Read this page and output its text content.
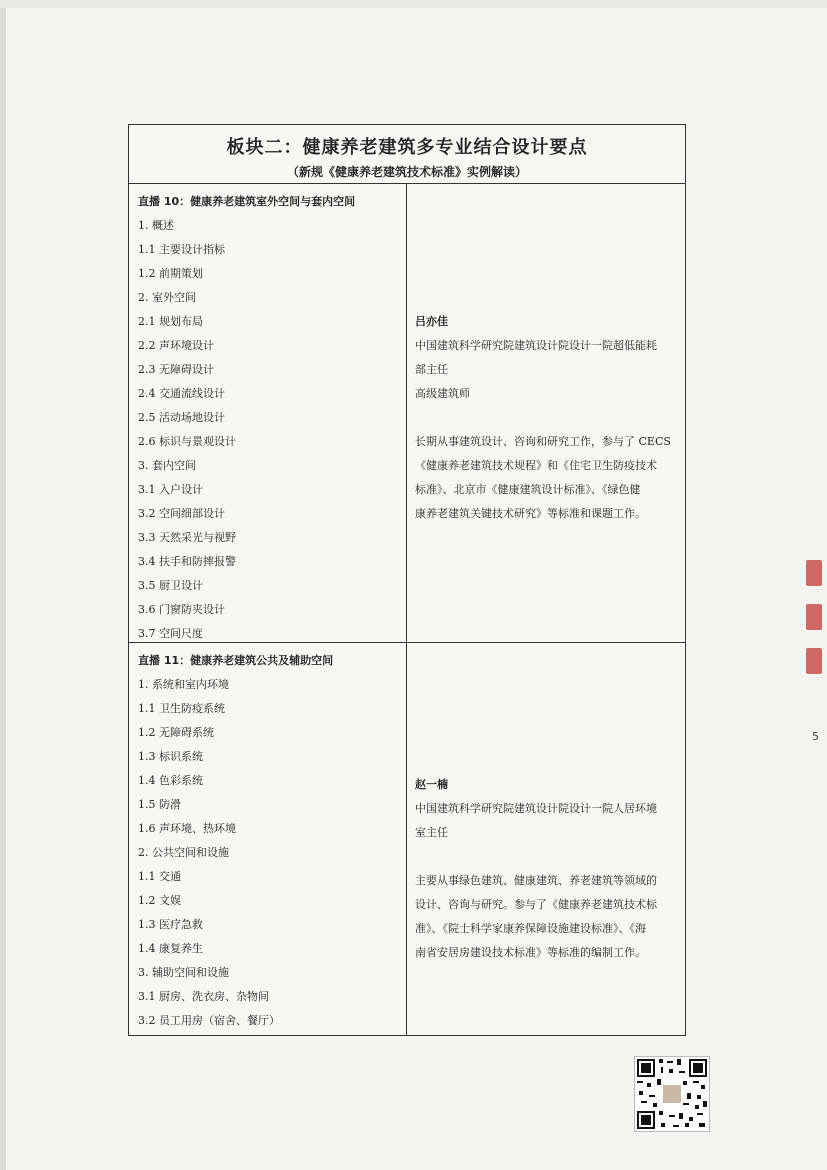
板块二：健康养老建筑多专业结合设计要点
（新规《健康养老建筑技术标准》实例解读）
直播 10：健康养老建筑室外空间与套内空间
1. 概述
1.1 主要设计指标
1.2 前期策划
2. 室外空间
2.1 规划布局
2.2 声环境设计
2.3 无障碍设计
2.4 交通流线设计
2.5 活动场地设计
2.6 标识与景观设计
3. 套内空间
3.1 入户设计
3.2 空间细部设计
3.3 天然采光与视野
3.4 扶手和防摔报警
3.5 厨卫设计
3.6 门窗防夹设计
3.7 空间尺度
吕亦佳

中国建筑科学研究院建筑设计院设计一院超低能耗

部主任

高级建筑师

长期从事建筑设计、咨询和研究工作，参与了 CECS

《健康养老建筑技术规程》和《住宅卫生防疫技术

标准》、北京市《健康建筑设计标准》、《绿色健

康养老建筑关键技术研究》等标准和课题工作。

直播 11：健康养老建筑公共及辅助空间
1. 系统和室内环境
1.1 卫生防疫系统
1.2 无障碍系统
1.3 标识系统
1.4 色彩系统
1.5 防滑
1.6 声环境、热环境
2. 公共空间和设施
1.1 交通
1.2 文娱
1.3 医疗急救
1.4 康复养生
3. 辅助空间和设施
3.1 厨房、洗衣房、杂物间
3.2 员工用房（宿舍、餐厅）
赵一楠

中国建筑科学研究院建筑设计院设计一院人居环境

室主任

主要从事绿色建筑、健康建筑、养老建筑等领域的

设计、咨询与研究。参与了《健康养老建筑技术标

准》、《院士科学家康养保障设施建设标准》、《海

南省安居房建设技术标准》等标准的编制工作。

5
